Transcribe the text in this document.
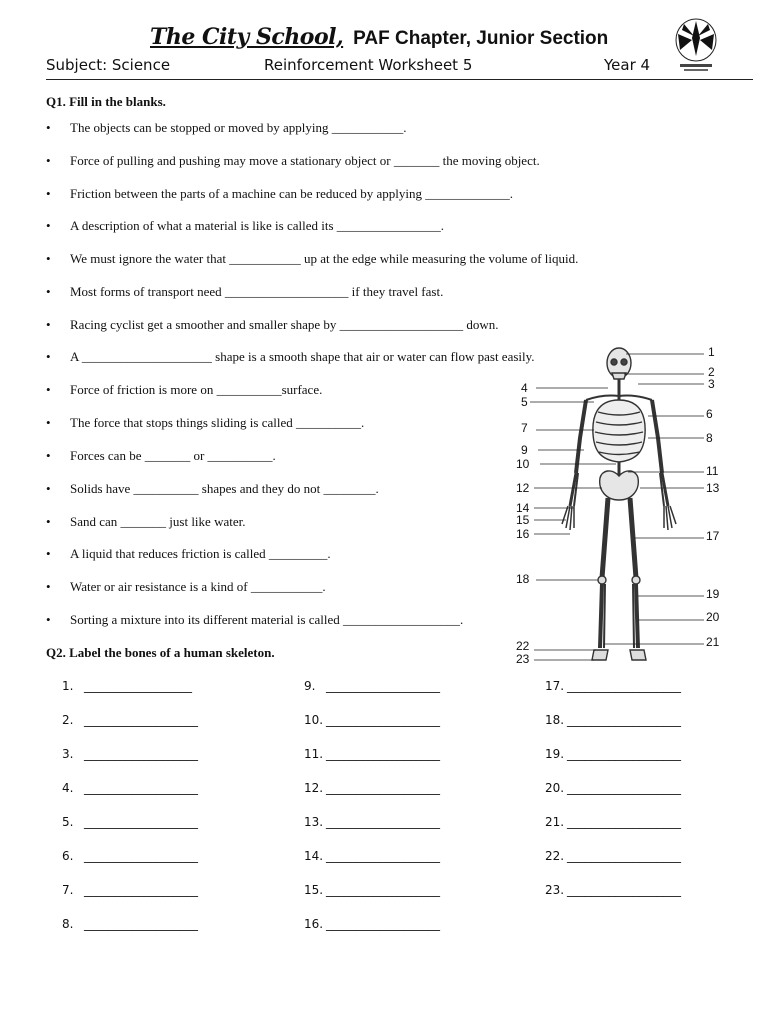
The City School, PAF Chapter, Junior Section
Subject: Science	Reinforcement Worksheet 5	Year 4
Q1. Fill in the blanks.
• The objects can be stopped or moved by applying ___________.
• Force of pulling and pushing may move a stationary object or _______ the moving object.
• Friction between the parts of a machine can be reduced by applying _____________.
• A description of what a material is like is called its ________________.
• We must ignore the water that ___________ up at the edge while measuring the volume of liquid.
• Most forms of transport need ___________________ if they travel fast.
• Racing cyclist get a smoother and smaller shape by ___________________ down.
• A ____________________ shape is a smooth shape that air or water can flow past easily.
• Force of friction is more on __________surface.
• The force that stops things sliding is called __________.
• Forces can be _______ or __________.
• Solids have __________ shapes and they do not ________.
• Sand can _______ just like water.
• A liquid that reduces friction is called _________.
• Water or air resistance is a kind of ___________.
• Sorting a mixture into its different material is called __________________.
1
2
3
4
5
6
7
8
9
10	11
12	13
14
15
16	17
18
19
20
21
22
23
Q2. Label the bones of a human skeleton.
1. __________________
2. ___________________
3. ___________________
4. ___________________
5. ___________________
6. ___________________
7. ___________________
8. ___________________
9. ___________________
10. ___________________
11. ___________________
12. ___________________
13. ___________________
14. ___________________
15. ___________________
16. ___________________
17. ___________________
18. ___________________
19. ___________________
20. ___________________
21. ___________________
22. ___________________
23. ___________________
